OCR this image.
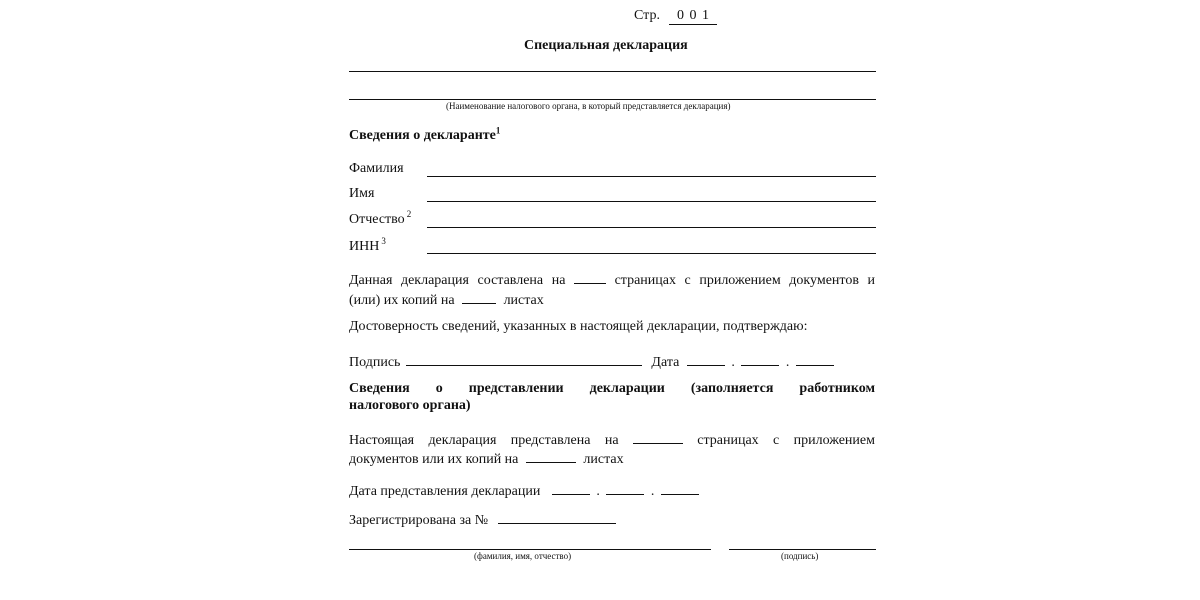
Стр. 0 0 1
Специальная декларация
(Наименование налогового органа, в который представляется декларация)
Сведения о декларанте$^1$
Фамилия
Имя
Отчество $^2$
ИНН $^3$
Данная декларация составлена на	страницах с приложением документов и
(или) их копий на	листах
Достоверность сведений, указанных в настоящей декларации, подтверждаю:
Подпись	Дата	.	.
Сведения о представлении декларации (заполняется работником
налогового органа)
Настоящая декларация представлена на	страницах с приложением
документов или их копий на	листах
Дата представления декларации	.	.
Зарегистрирована за №
(фамилия, имя, отчество)	(подпись)
